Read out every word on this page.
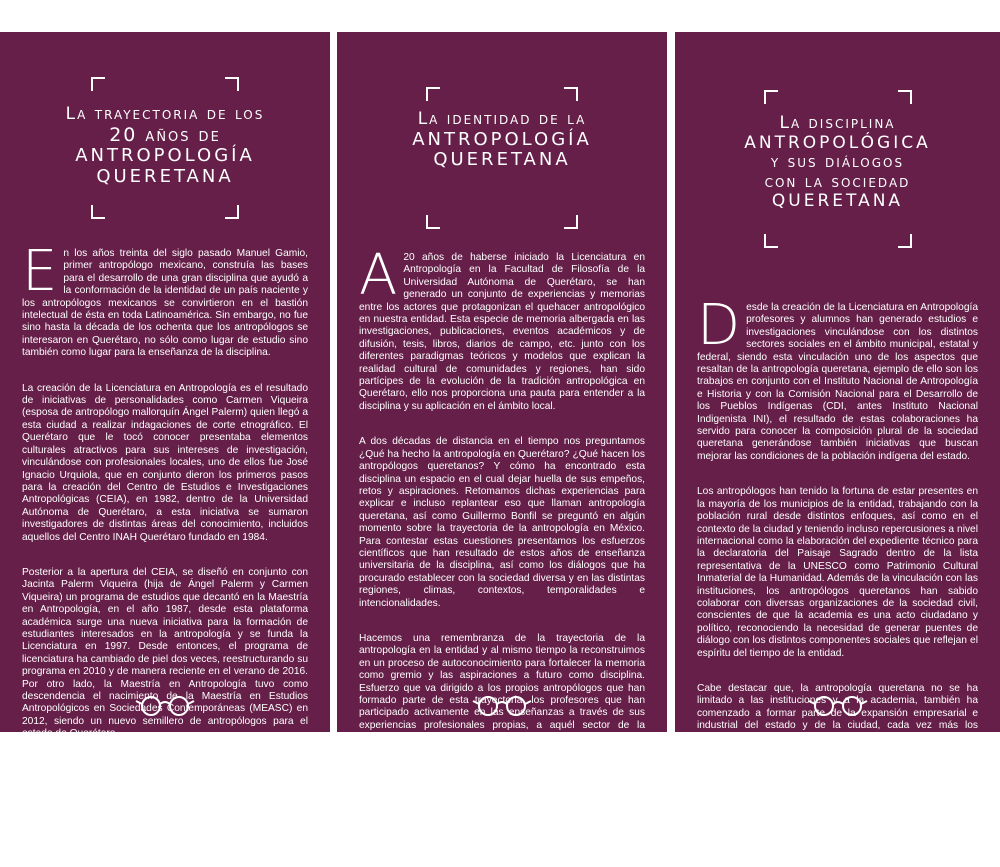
La trayectoria de los
20 años de
ANTROPOLOGÍA
QUERETANA

En los años treinta del siglo pasado Manuel Gamio, primer antropólogo mexicano, construía las bases para el desarrollo de una gran disciplina que ayudó a la conformación de la identidad de un país naciente y los antropólogos mexicanos se convirtieron en el bastión intelectual de ésta en toda Latinoamérica. Sin embargo, no fue sino hasta la década de los ochenta que los antropólogos se interesaron en Querétaro, no sólo como lugar de estudio sino también como lugar para la enseñanza de la disciplina.

La creación de la Licenciatura en Antropología es el resultado de iniciativas de personalidades como Carmen Viqueira (esposa de antropólogo mallorquín Ángel Palerm) quien llegó a esta ciudad a realizar indagaciones de corte etnográfico. El Querétaro que le tocó conocer presentaba elementos culturales atractivos para sus intereses de investigación, vinculándose con profesionales locales, uno de ellos fue José Ignacio Urquiola, que en conjunto dieron los primeros pasos para la creación del Centro de Estudios e Investigaciones Antropológicas (CEIA), en 1982, dentro de la Universidad Autónoma de Querétaro, a esta iniciativa se sumaron investigadores de distintas áreas del conocimiento, incluidos aquellos del Centro INAH Querétaro fundado en 1984.

Posterior a la apertura del CEIA, se diseñó en conjunto con Jacinta Palerm Viqueira (hija de Ángel Palerm y Carmen Viqueira) un programa de estudios que decantó en la Maestría en Antropología, en el año 1987, desde esta plataforma académica surge una nueva iniciativa para la formación de estudiantes interesados en la antropología y se funda la Licenciatura en 1997. Desde entonces, el programa de licenciatura ha cambiado de piel dos veces, reestructurando su programa en 2010 y de manera reciente en el verano de 2016. Por otro lado, la Maestría en Antropología tuvo como descendencia el nacimiento de la Maestría en Estudios Antropológicos en Sociedades Contemporáneas (MEASC) en 2012, siendo un nuevo semillero de antropólogos para el estado de Querétaro.

La antropología queretana es joven y aunque tiene una trayectoria corta resalta su vitalidad, su dinamismo y sus grandes aspiraciones a futuro, cuestión que hace de la antropología una empresa prometedora y fuente de orgullo universitario ya que está dedicada a la sociedad queretana.

La identidad de la
ANTROPOLOGÍA
QUERETANA

A 20 años de haberse iniciado la Licenciatura en Antropología en la Facultad de Filosofía de la Universidad Autónoma de Querétaro, se han generado un conjunto de experiencias y memorias entre los actores que protagonizan el quehacer antropológico en nuestra entidad. Esta especie de memoria albergada en las investigaciones, publicaciones, eventos académicos y de difusión, tesis, libros, diarios de campo, etc. junto con los diferentes paradigmas teóricos y modelos que explican la realidad cultural de comunidades y regiones, han sido partícipes de la evolución de la tradición antropológica en Querétaro, ello nos proporciona una pauta para entender a la disciplina y su aplicación en el ámbito local.

A dos décadas de distancia en el tiempo nos preguntamos ¿Qué ha hecho la antropología en Querétaro? ¿Qué hacen los antropólogos queretanos? Y cómo ha encontrado esta disciplina un espacio en el cual dejar huella de sus empeños, retos y aspiraciones. Retomamos dichas experiencias para explicar e incluso replantear eso que llaman antropología queretana, así como Guillermo Bonfil se preguntó en algún momento sobre la trayectoria de la antropología en México. Para contestar estas cuestiones presentamos los esfuerzos científicos que han resultado de estos años de enseñanza universitaria de la disciplina, así como los diálogos que ha procurado establecer con la sociedad diversa y en las distintas regiones, climas, contextos, temporalidades e intencionalidades.

Hacemos una remembranza de la trayectoria de la antropología en la entidad y al mismo tiempo la reconstruimos en un proceso de autoconocimiento para fortalecer la memoria como gremio y las aspiraciones a futuro como disciplina. Esfuerzo que va dirigido a los propios antropólogos que han formado parte de esta trayectoria, los profesores que han participado activamente en las enseñanzas a través de sus experiencias profesionales propias, a aquél sector de la sociedad queretana que ha tenido la experiencia de conocer o convivir con un antropólogo, a las instituciones públicas y privadas y a la sociedad en general que poco a poco va conociendo el quehacer de la antropología y los antropólogos queretanos, este esfuerzo va dirigido también a reafirmar el sentido humano de la disciplina, su compromiso con la diversidad social y cultural así como sus empeños de dibujar y redibujar las realidades culturales de los grupos diversos que se encuentran siempre en constante cambio.

La disciplina
ANTROPOLÓGICA
y sus diálogos
con la sociedad
QUERETANA

Desde la creación de la Licenciatura en Antropología profesores y alumnos han generado estudios e investigaciones vinculándose con los distintos sectores sociales en el ámbito municipal, estatal y federal, siendo esta vinculación uno de los aspectos que resaltan de la antropología queretana, ejemplo de ello son los trabajos en conjunto con el Instituto Nacional de Antropología e Historia y con la Comisión Nacional para el Desarrollo de los Pueblos Indígenas (CDI, antes Instituto Nacional Indigenista INI), el resultado de estas colaboraciones ha servido para conocer la composición plural de la sociedad queretana generándose también iniciativas que buscan mejorar las condiciones de la población indígena del estado.

Los antropólogos han tenido la fortuna de estar presentes en la mayoría de los municipios de la entidad, trabajando con la población rural desde distintos enfoques, así como en el contexto de la ciudad y teniendo incluso repercusiones a nivel internacional como la elaboración del expediente técnico para la declaratoria del Paisaje Sagrado dentro de la lista representativa de la UNESCO como Patrimonio Cultural Inmaterial de la Humanidad. Además de la vinculación con las instituciones, los antropólogos queretanos han sabido colaborar con diversas organizaciones de la sociedad civil, conscientes de que la academia es una acto ciudadano y político, reconociendo la necesidad de generar puentes de diálogo con los distintos componentes sociales que reflejan el espíritu del tiempo de la entidad.

Cabe destacar que, la antropología queretana no se ha limitado a las instituciones y a la academia, también ha comenzado a formar parte de la expansión empresarial e industrial del estado y de la ciudad, cada vez más los antropólogos se suman a las filas laborales, a las mesas de diálogo y propuestas de la iniciativa privada.
